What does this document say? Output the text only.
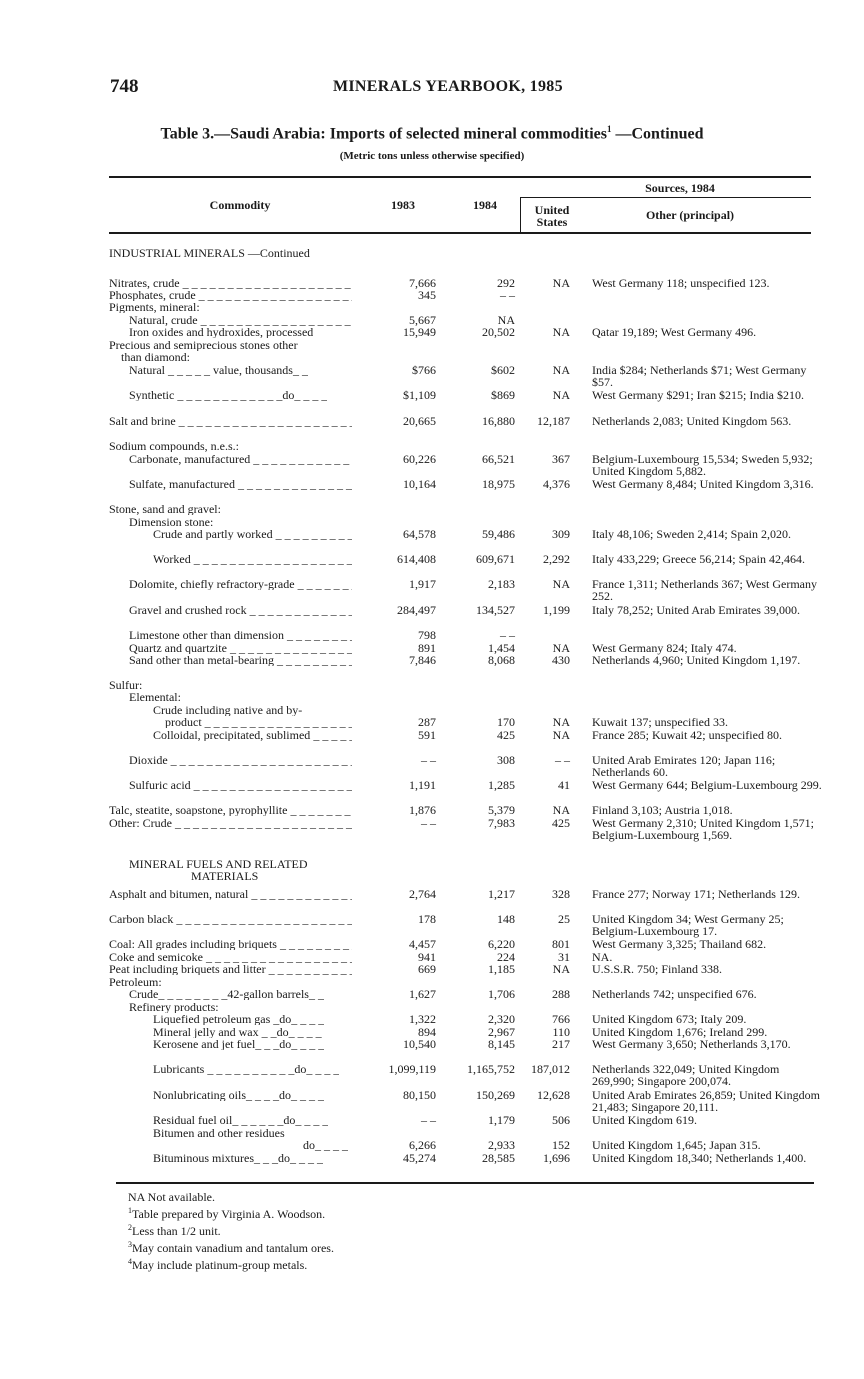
748	MINERALS YEARBOOK, 1985
Table 3.—Saudi Arabia: Imports of selected mineral commodities$^1$ —Continued
(Metric tons unless otherwise specified)
Commodity	1983	1984
Sources, 1984
United
States	Other (principal)
INDUSTRIAL MINERALS —Continued
Nitrates, crude _ _ _	7,666	292	NA West Germany 118; unspecified 123.
Phosphates, crude _ _ _	345	– –
Pigments, mineral:
Natural, crude _ _ _	5,667	NA
Iron oxides and hydroxides, processed	15,949	20,502	NA Qatar 19,189; West Germany 496.
Precious and semiprecious stones other
than diamond:
Natural _ _ _ _ _ value, thousands_ _	$766	$602	NA India $284; Netherlands $71; West Germany $57.
Synthetic _ _ _ _ _ _ _ _ _ _ _ _do_ _ _ _	$1,109	$869	NA West Germany $291; Iran $215; India $210.
Salt and brine _ _ _	20,665	16,880	12,187 Netherlands 2,083; United Kingdom 563.
Sodium compounds, n.e.s.:
Carbonate, manufactured _ _ _	60,226	66,521	367 Belgium-Luxembourg 15,534; Sweden 5,932; United Kingdom 5,882.
Sulfate, manufactured _ _ _	10,164	18,975	4,376 West Germany 8,484; United Kingdom 3,316.
Stone, sand and gravel:
Dimension stone:
Crude and partly worked _ _ _	64,578	59,486	309 Italy 48,106; Sweden 2,414; Spain 2,020.
Worked _ _ _	614,408	609,671	2,292 Italy 433,229; Greece 56,214; Spain 42,464.
Dolomite, chiefly refractory-grade _ _ _	1,917	2,183	NA France 1,311; Netherlands 367; West Germany 252.
Gravel and crushed rock _ _ _	284,497	134,527	1,199 Italy 78,252; United Arab Emirates 39,000.
Limestone other than dimension _ _ _	798	– –
Quartz and quartzite _ _ _	891	1,454	NA West Germany 824; Italy 474.
Sand other than metal-bearing _ _ _	7,846	8,068	430 Netherlands 4,960; United Kingdom 1,197.
Sulfur:
Elemental:
Crude including native and by-
product _ _ _	287	170	NA Kuwait 137; unspecified 33.
Colloidal, precipitated, sublimed _ _ _	591	425	NA France 285; Kuwait 42; unspecified 80.
Dioxide _ _ _	– –	308	– – United Arab Emirates 120; Japan 116; Netherlands 60.
Sulfuric acid _ _ _	1,191	1,285	41 West Germany 644; Belgium-Luxembourg 299.
Talc, steatite, soapstone, pyrophyllite _ _ _	1,876	5,379	NA Finland 3,103; Austria 1,018.
Other: Crude _ _ _	– –	7,983	425 West Germany 2,310; United Kingdom 1,571; Belgium-Luxembourg 1,569.
MINERAL FUELS AND RELATED
MATERIALS
Asphalt and bitumen, natural _ _ _	2,764	1,217	328 France 277; Norway 171; Netherlands 129.
Carbon black _ _ _	178	148	25 United Kingdom 34; West Germany 25; Belgium-Luxembourg 17.
Coal: All grades including briquets _ _ _	4,457	6,220	801 West Germany 3,325; Thailand 682.
Coke and semicoke _ _ _	941	224	31 NA.
Peat including briquets and litter _ _ _	669	1,185	NA U.S.S.R. 750; Finland 338.
Petroleum:
Crude_ _ _ _ _ _ _ _42-gallon barrels_ _	1,627	1,706	288 Netherlands 742; unspecified 676.
Refinery products:
Liquefied petroleum gas _do_ _ _ _	1,322	2,320	766 United Kingdom 673; Italy 209.
Mineral jelly and wax _ _do_ _ _ _	894	2,967	110 United Kingdom 1,676; Ireland 299.
Kerosene and jet fuel_ _ _do_ _ _ _	10,540	8,145	217 West Germany 3,650; Netherlands 3,170.
Lubricants _ _ _ _ _ _ _ _ _ _do_ _ _ _	1,099,119	1,165,752	187,012 Netherlands 322,049; United Kingdom 269,990; Singapore 200,074.
Nonlubricating oils_ _ _ _do_ _ _ _	80,150	150,269	12,628 United Arab Emirates 26,859; United Kingdom 21,483; Singapore 20,111.
Residual fuel oil_ _ _ _ _ _do_ _ _ _	– –	1,179	506 United Kingdom 619.
Bitumen and other residues
do_ _ _ _	6,266	2,933	152 United Kingdom 1,645; Japan 315.
Bituminous mixtures_ _ _do_ _ _ _	45,274	28,585	1,696 United Kingdom 18,340; Netherlands 1,400.
NA Not available.
$^1$Table prepared by Virginia A. Woodson.
$^2$Less than 1/2 unit.
$^3$May contain vanadium and tantalum ores.
$^4$May include platinum-group metals.
